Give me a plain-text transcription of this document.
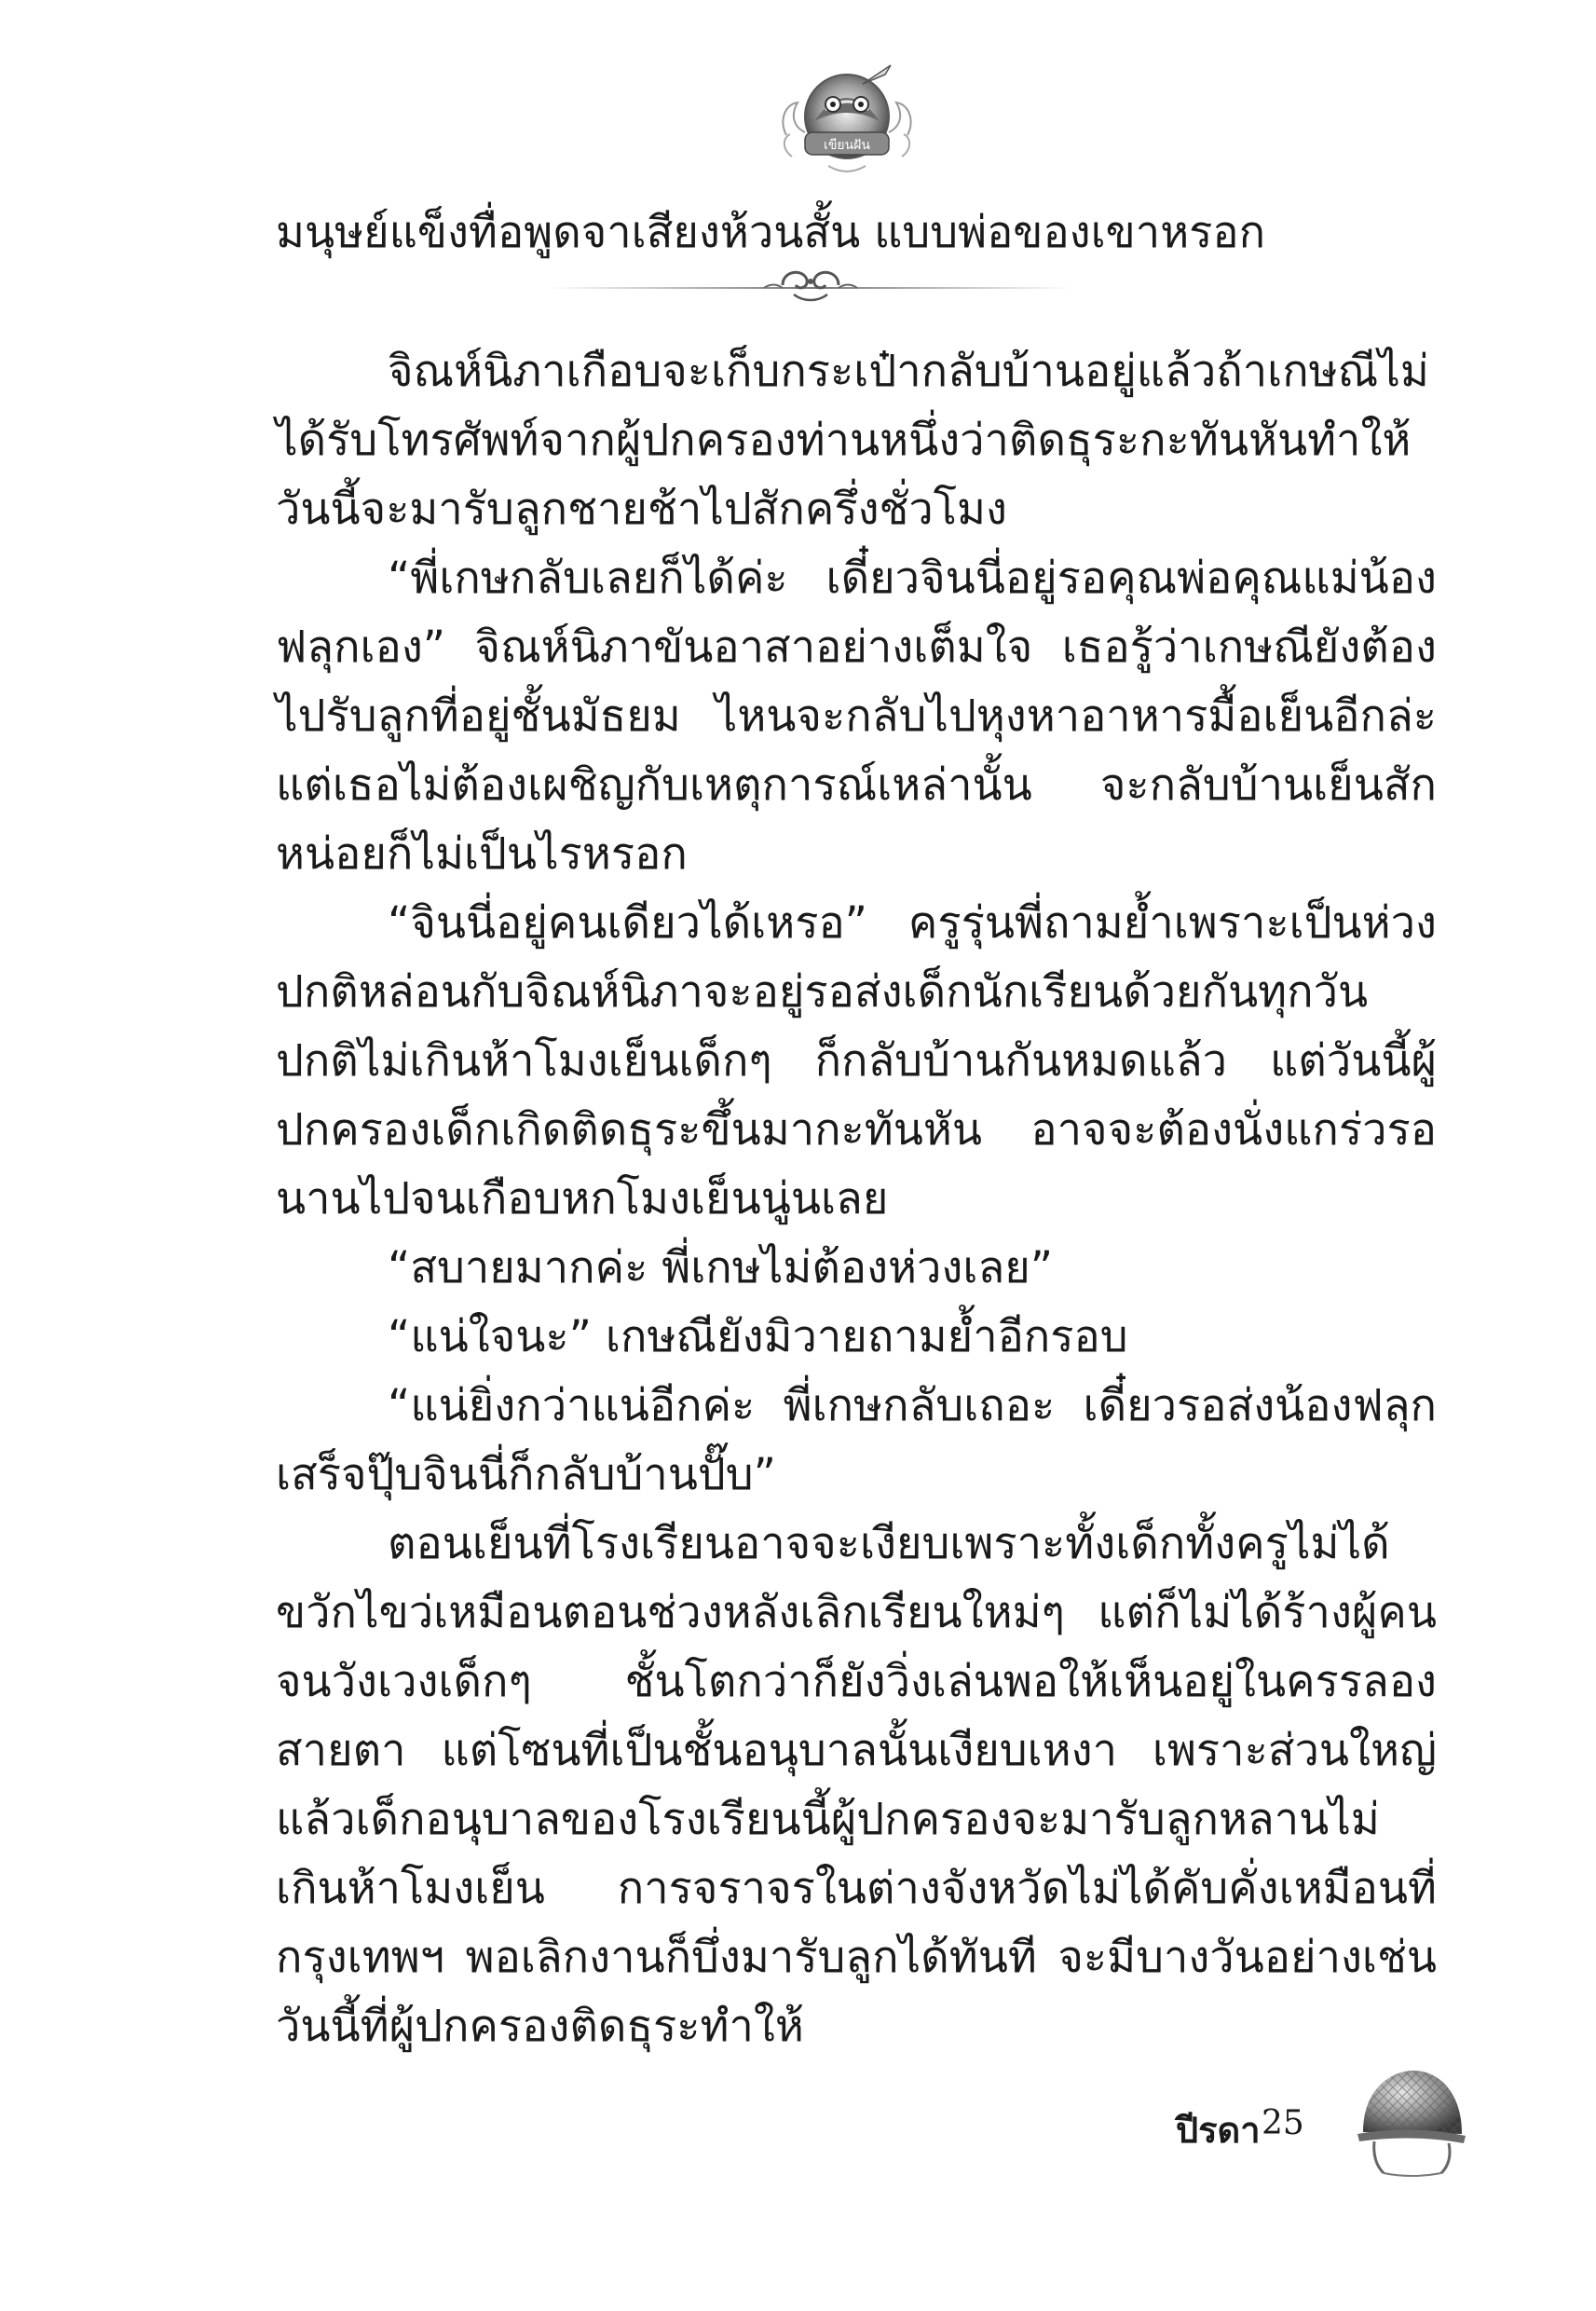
เขียนฝัน
มนุษย์แข็งทื่อพูดจาเสียงห้วนสั้น แบบพ่อของเขาหรอก

จิณห์นิภาเกือบจะเก็บกระเป๋ากลับบ้านอยู่แล้วถ้าเกษณีไม่ได้รับโทรศัพท์จากผู้ปกครองท่านหนึ่งว่าติดธุระกะทันหันทำให้วันนี้จะมารับลูกชายช้าไปสักครึ่งชั่วโมง

“พี่เกษกลับเลยก็ได้ค่ะ เดี๋ยวจินนี่อยู่รอคุณพ่อคุณแม่น้องฟลุกเอง” จิณห์นิภาขันอาสาอย่างเต็มใจ เธอรู้ว่าเกษณียังต้องไปรับลูกที่อยู่ชั้นมัธยม ไหนจะกลับไปหุงหาอาหารมื้อเย็นอีกล่ะ แต่เธอไม่ต้องเผชิญกับเหตุการณ์เหล่านั้น จะกลับบ้านเย็นสักหน่อยก็ไม่เป็นไรหรอก

“จินนี่อยู่คนเดียวได้เหรอ” ครูรุ่นพี่ถามย้ำเพราะเป็นห่วงปกติหล่อนกับจิณห์นิภาจะอยู่รอส่งเด็กนักเรียนด้วยกันทุกวันปกติไม่เกินห้าโมงเย็นเด็กๆ ก็กลับบ้านกันหมดแล้ว แต่วันนี้ผู้ปกครองเด็กเกิดติดธุระขึ้นมากะทันหัน อาจจะต้องนั่งแกร่วรอนานไปจนเกือบหกโมงเย็นนู่นเลย

“สบายมากค่ะ พี่เกษไม่ต้องห่วงเลย”

“แน่ใจนะ” เกษณียังมิวายถามย้ำอีกรอบ

“แน่ยิ่งกว่าแน่อีกค่ะ พี่เกษกลับเถอะ เดี๋ยวรอส่งน้องฟลุกเสร็จปุ๊บจินนี่ก็กลับบ้านปั๊บ”

ตอนเย็นที่โรงเรียนอาจจะเงียบเพราะทั้งเด็กทั้งครูไม่ได้ขวักไขว่เหมือนตอนช่วงหลังเลิกเรียนใหม่ๆ แต่ก็ไม่ได้ร้างผู้คนจนวังเวงเด็กๆ ชั้นโตกว่าก็ยังวิ่งเล่นพอให้เห็นอยู่ในครรลองสายตา แต่โซนที่เป็นชั้นอนุบาลนั้นเงียบเหงา เพราะส่วนใหญ่แล้วเด็กอนุบาลของโรงเรียนนี้ผู้ปกครองจะมารับลูกหลานไม่เกินห้าโมงเย็น การจราจรในต่างจังหวัดไม่ได้คับคั่งเหมือนที่กรุงเทพฯ พอเลิกงานก็บึ่งมารับลูกได้ทันที จะมีบางวันอย่างเช่นวันนี้ที่ผู้ปกครองติดธุระทำให้

ปีรดา 25
